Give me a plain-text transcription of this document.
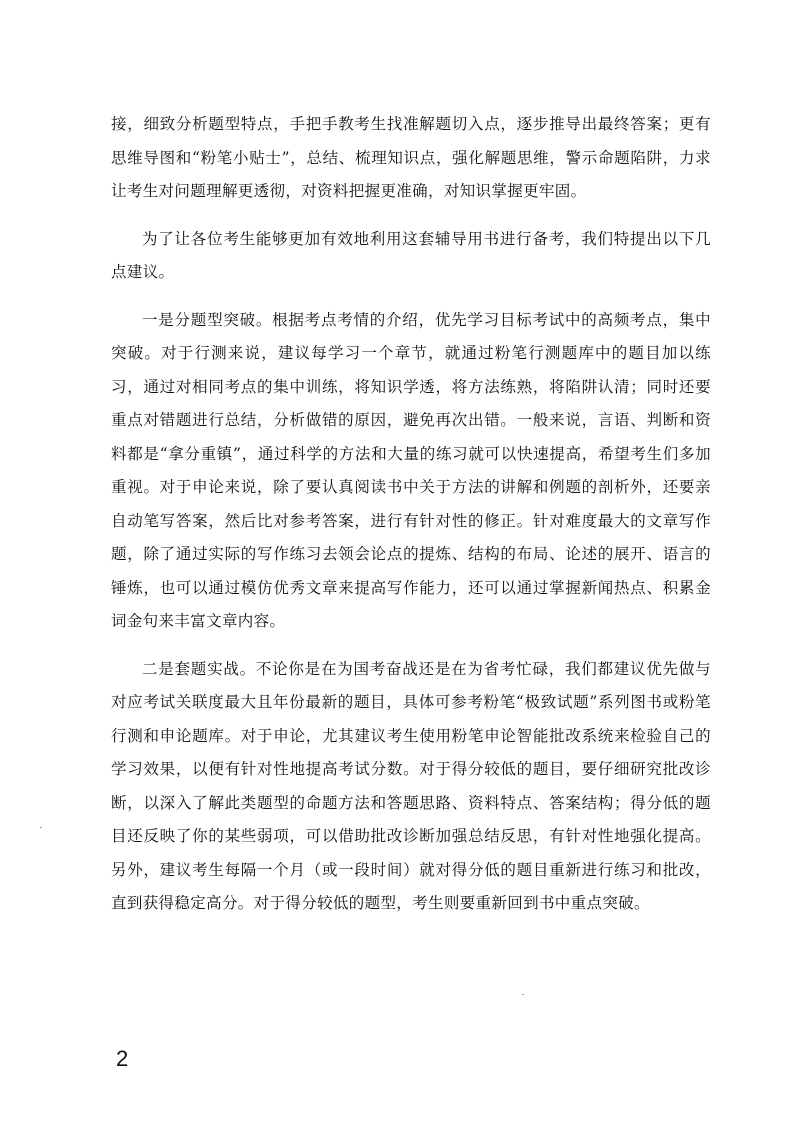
接，细致分析题型特点，手把手教考生找准解题切入点，逐步推导出最终答案；更有思维导图和“粉笔小贴士”，总结、梳理知识点，强化解题思维，警示命题陷阱，力求让考生对问题理解更透彻，对资料把握更准确，对知识掌握更牢固。

为了让各位考生能够更加有效地利用这套辅导用书进行备考，我们特提出以下几点建议。

一是分题型突破。根据考点考情的介绍，优先学习目标考试中的高频考点，集中突破。对于行测来说，建议每学习一个章节，就通过粉笔行测题库中的题目加以练习，通过对相同考点的集中训练，将知识学透，将方法练熟，将陷阱认清；同时还要重点对错题进行总结，分析做错的原因，避免再次出错。一般来说，言语、判断和资料都是“拿分重镇”，通过科学的方法和大量的练习就可以快速提高，希望考生们多加重视。对于申论来说，除了要认真阅读书中关于方法的讲解和例题的剖析外，还要亲自动笔写答案，然后比对参考答案，进行有针对性的修正。针对难度最大的文章写作题，除了通过实际的写作练习去领会论点的提炼、结构的布局、论述的展开、语言的锤炼，也可以通过模仿优秀文章来提高写作能力，还可以通过掌握新闻热点、积累金词金句来丰富文章内容。

二是套题实战。不论你是在为国考奋战还是在为省考忙碌，我们都建议优先做与对应考试关联度最大且年份最新的题目，具体可参考粉笔“极致试题”系列图书或粉笔行测和申论题库。对于申论，尤其建议考生使用粉笔申论智能批改系统来检验自己的学习效果，以便有针对性地提高考试分数。对于得分较低的题目，要仔细研究批改诊断，以深入了解此类题型的命题方法和答题思路、资料特点、答案结构；得分低的题目还反映了你的某些弱项，可以借助批改诊断加强总结反思，有针对性地强化提高。另外，建议考生每隔一个月（或一段时间）就对得分低的题目重新进行练习和批改，直到获得稳定高分。对于得分较低的题型，考生则要重新回到书中重点突破。

2
